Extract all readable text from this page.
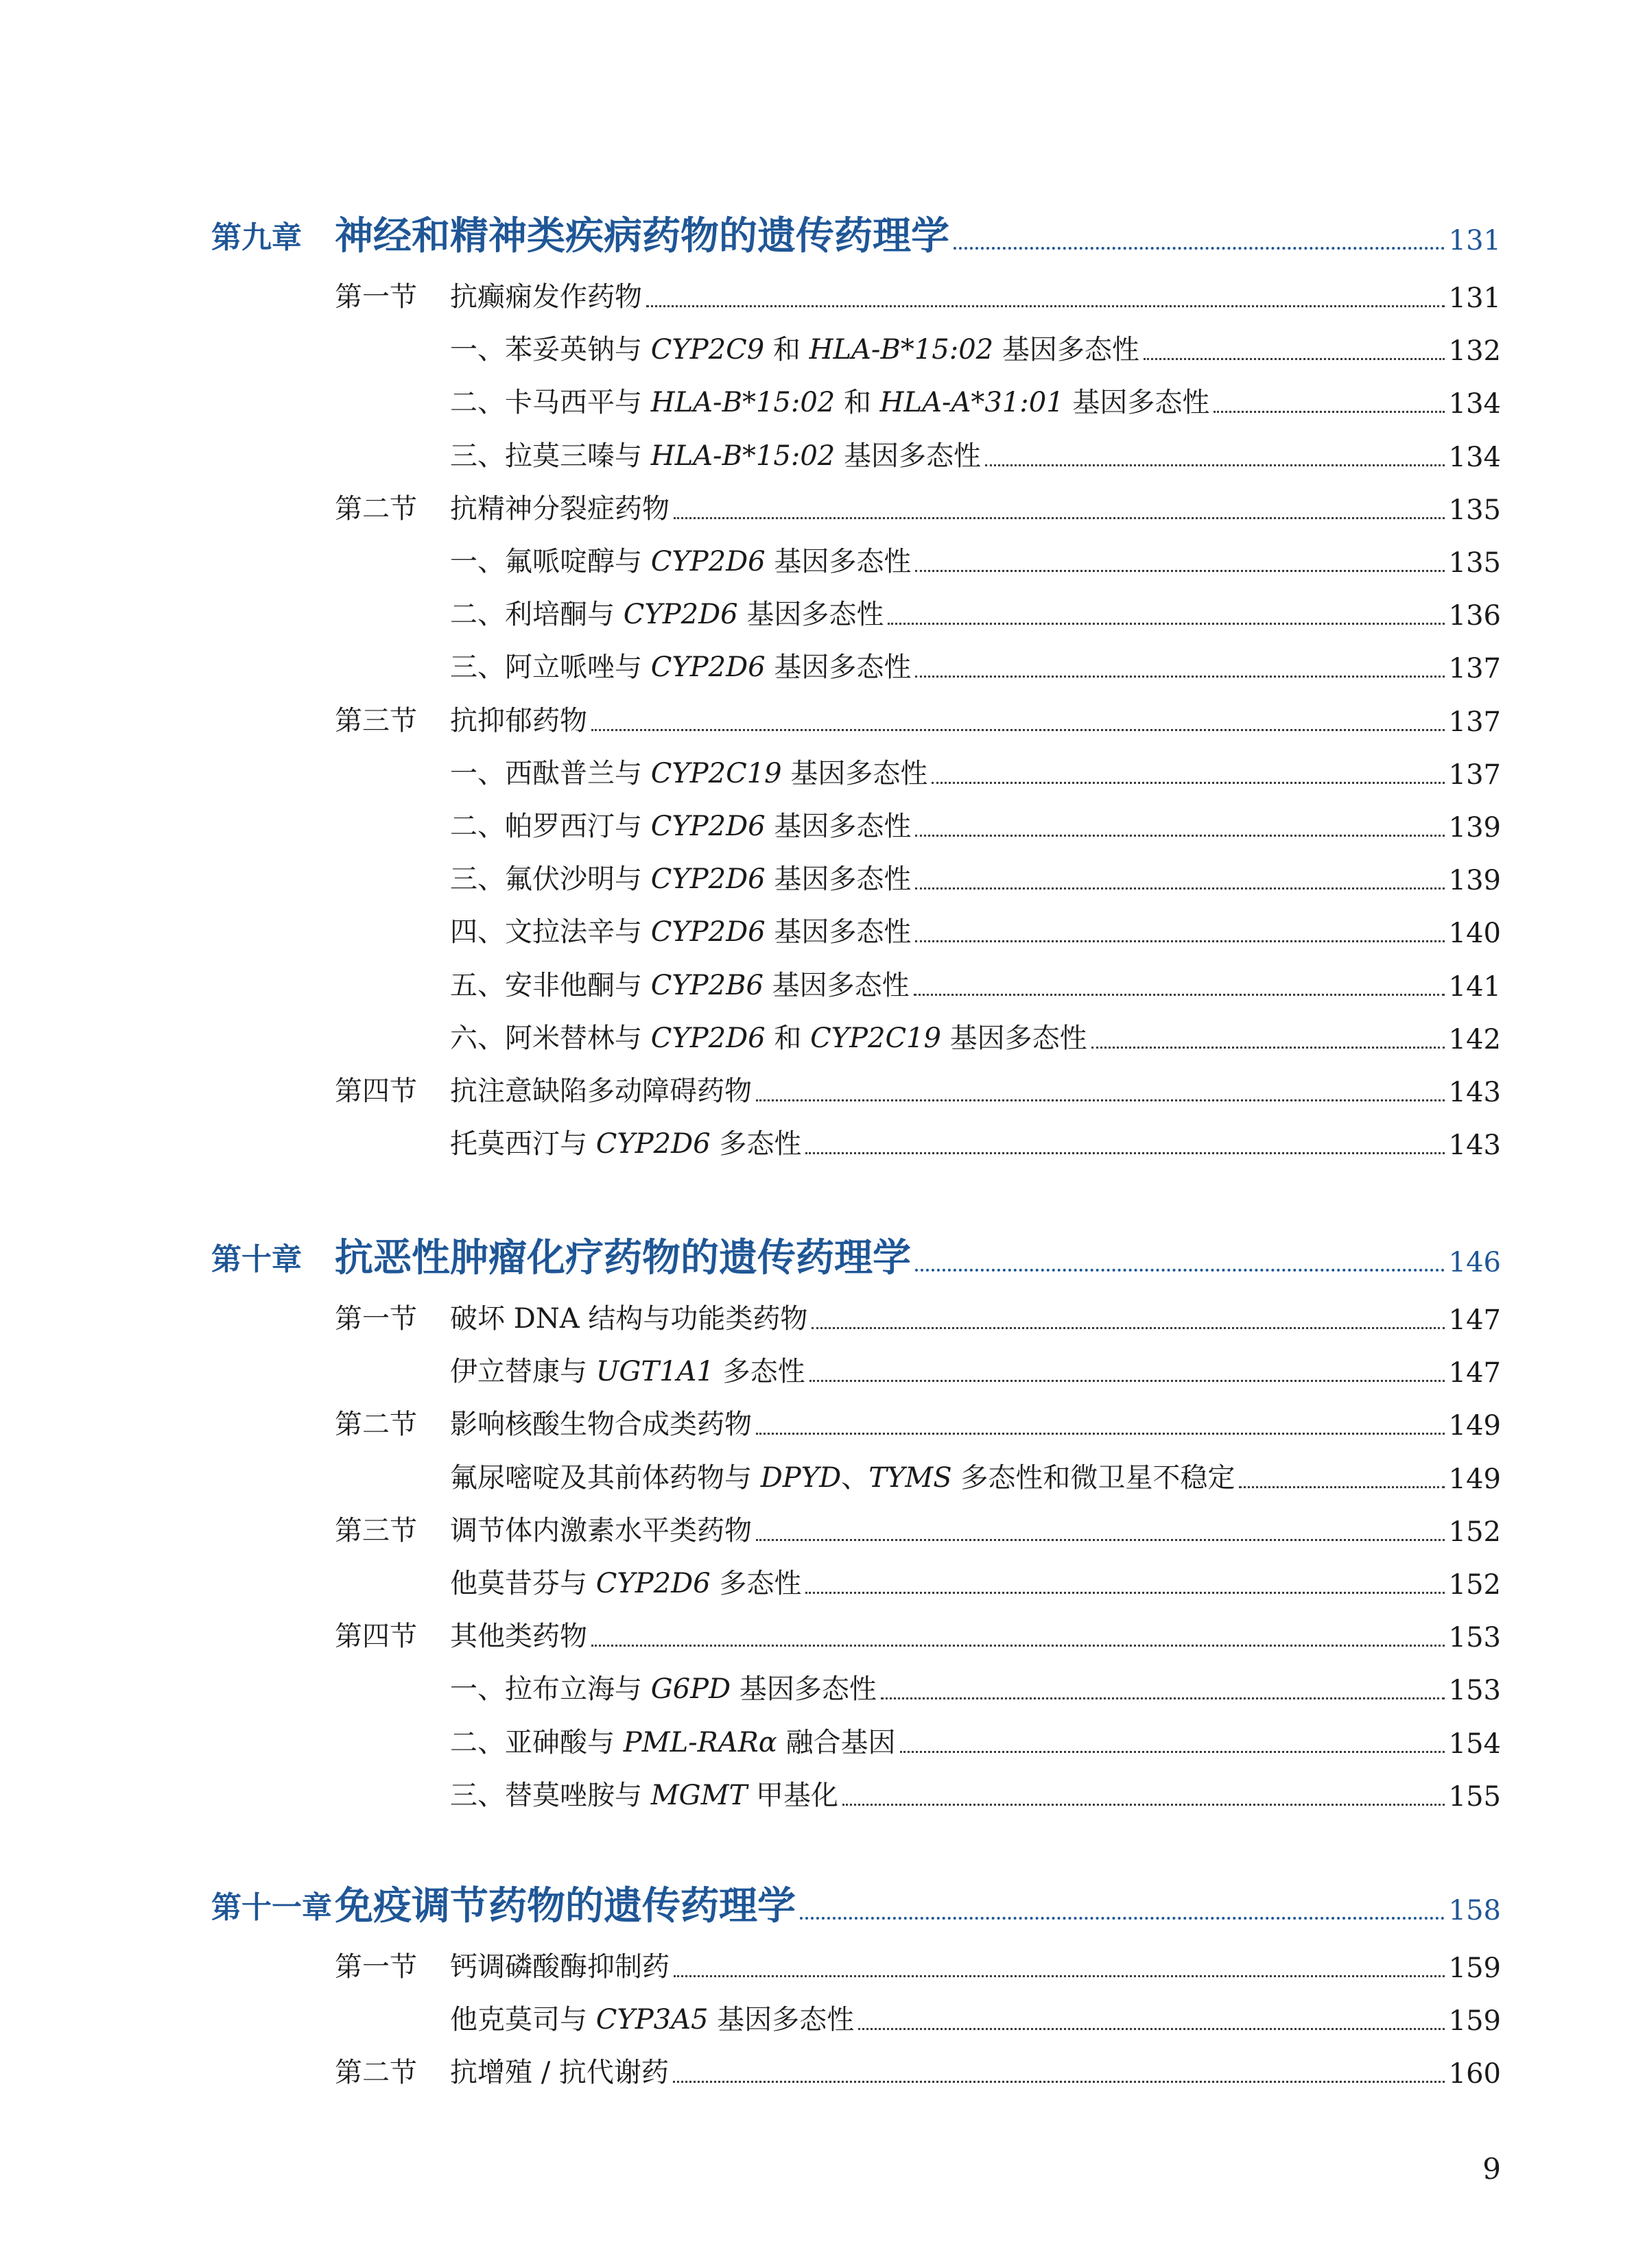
第九章 神经和精神类疾病药物的遗传药理学	131
第一节	抗癫痫发作药物	131
一、苯妥英钠与 CYP2C9 和 HLA-B*15:02 基因多态性	132
二、卡马西平与 HLA-B*15:02 和 HLA-A*31:01 基因多态性	134
三、拉莫三嗪与 HLA-B*15:02 基因多态性	134
第二节	抗精神分裂症药物	135
一、氟哌啶醇与 CYP2D6 基因多态性	135
二、利培酮与 CYP2D6 基因多态性	136
三、阿立哌唑与 CYP2D6 基因多态性	137
第三节	抗抑郁药物	137
一、西酞普兰与 CYP2C19 基因多态性	137
二、帕罗西汀与 CYP2D6 基因多态性	139
三、氟伏沙明与 CYP2D6 基因多态性	139
四、文拉法辛与 CYP2D6 基因多态性	140
五、安非他酮与 CYP2B6 基因多态性	141
六、阿米替林与 CYP2D6 和 CYP2C19 基因多态性	142
第四节	抗注意缺陷多动障碍药物	143
托莫西汀与 CYP2D6 多态性	143
第十章 抗恶性肿瘤化疗药物的遗传药理学	146
第一节	破坏 DNA 结构与功能类药物	147
伊立替康与 UGT1A1 多态性	147
第二节	影响核酸生物合成类药物	149
氟尿嘧啶及其前体药物与 DPYD、TYMS 多态性和微卫星不稳定	149
第三节	调节体内激素水平类药物	152
他莫昔芬与 CYP2D6 多态性	152
第四节	其他类药物	153
一、拉布立海与 G6PD 基因多态性	153
二、亚砷酸与 PML-RARα 融合基因	154
三、替莫唑胺与 MGMT 甲基化	155
第十一章 免疫调节药物的遗传药理学	158
第一节	钙调磷酸酶抑制药	159
他克莫司与 CYP3A5 基因多态性	159
第二节	抗增殖 / 抗代谢药	160
9
